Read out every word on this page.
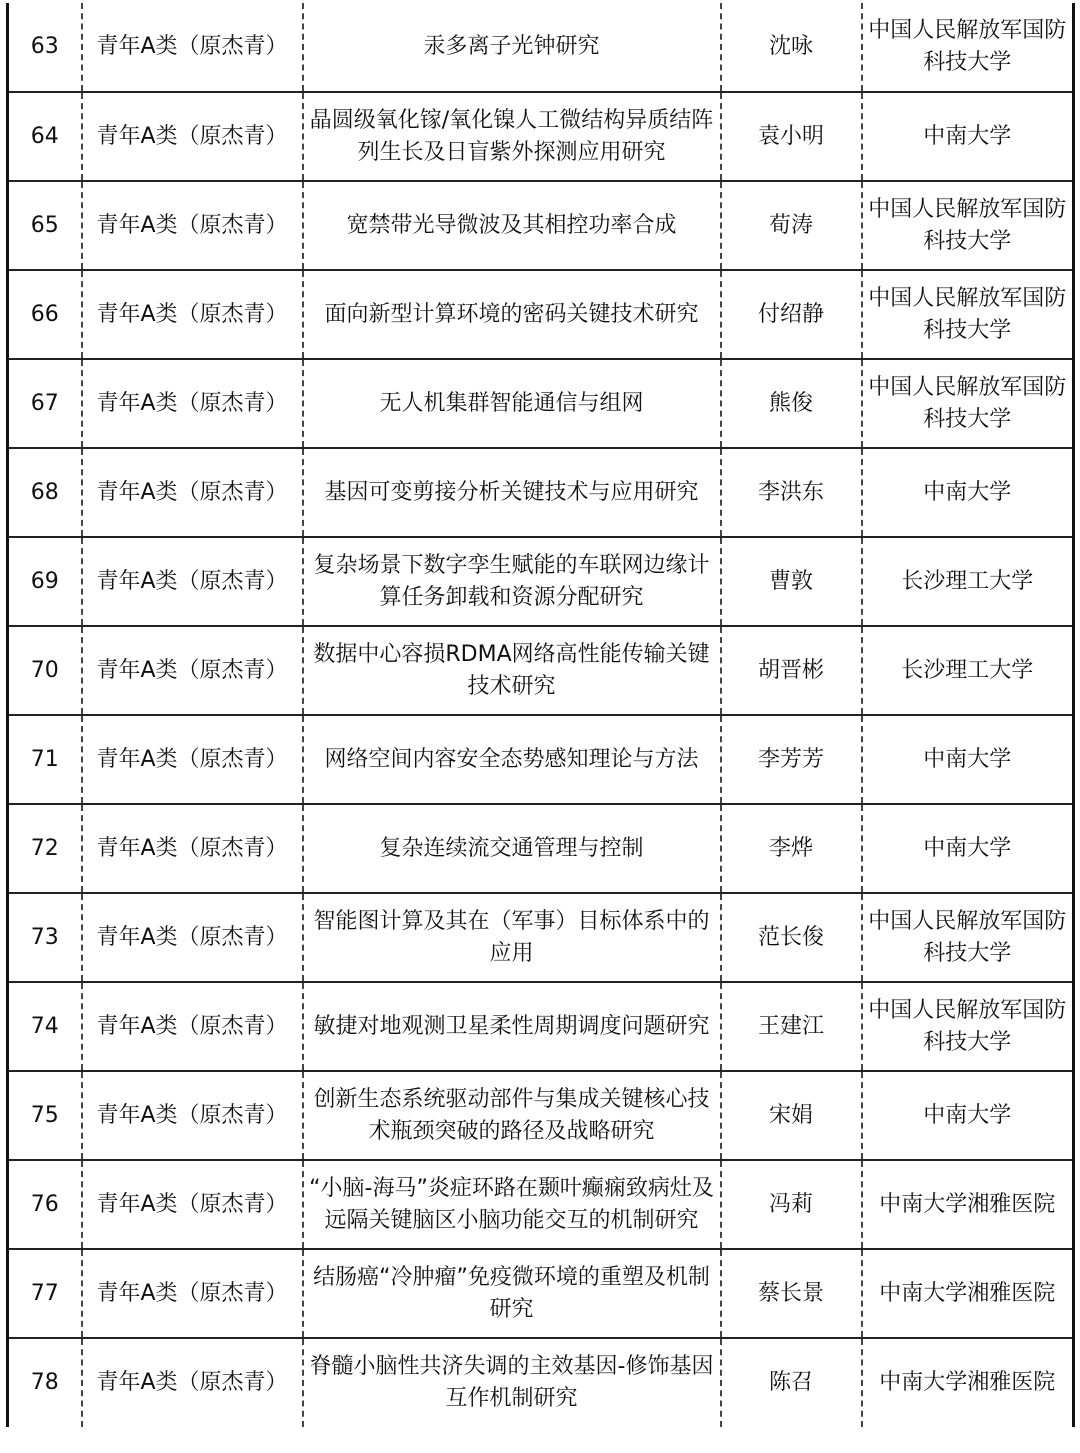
63	青年A类（原杰青）	汞多离子光钟研究	沈咏	中国人民解放军国防科技大学
64	青年A类（原杰青）	晶圆级氧化镓/氧化镍人工微结构异质结阵列生长及日盲紫外探测应用研究	袁小明	中南大学
65	青年A类（原杰青）	宽禁带光导微波及其相控功率合成	荀涛	中国人民解放军国防科技大学
66	青年A类（原杰青）	面向新型计算环境的密码关键技术研究	付绍静	中国人民解放军国防科技大学
67	青年A类（原杰青）	无人机集群智能通信与组网	熊俊	中国人民解放军国防科技大学
68	青年A类（原杰青）	基因可变剪接分析关键技术与应用研究	李洪东	中南大学
69	青年A类（原杰青）	复杂场景下数字孪生赋能的车联网边缘计算任务卸载和资源分配研究	曹敦	长沙理工大学
70	青年A类（原杰青）	数据中心容损RDMA网络高性能传输关键技术研究	胡晋彬	长沙理工大学
71	青年A类（原杰青）	网络空间内容安全态势感知理论与方法	李芳芳	中南大学
72	青年A类（原杰青）	复杂连续流交通管理与控制	李烨	中南大学
73	青年A类（原杰青）	智能图计算及其在（军事）目标体系中的应用	范长俊	中国人民解放军国防科技大学
74	青年A类（原杰青）	敏捷对地观测卫星柔性周期调度问题研究	王建江	中国人民解放军国防科技大学
75	青年A类（原杰青）	创新生态系统驱动部件与集成关键核心技术瓶颈突破的路径及战略研究	宋娟	中南大学
76	青年A类（原杰青）	“小脑-海马”炎症环路在颞叶癫痫致病灶及远隔关键脑区小脑功能交互的机制研究	冯莉	中南大学湘雅医院
77	青年A类（原杰青）	结肠癌“冷肿瘤”免疫微环境的重塑及机制研究	蔡长景	中南大学湘雅医院
78	青年A类（原杰青）	脊髓小脑性共济失调的主效基因-修饰基因互作机制研究	陈召	中南大学湘雅医院
